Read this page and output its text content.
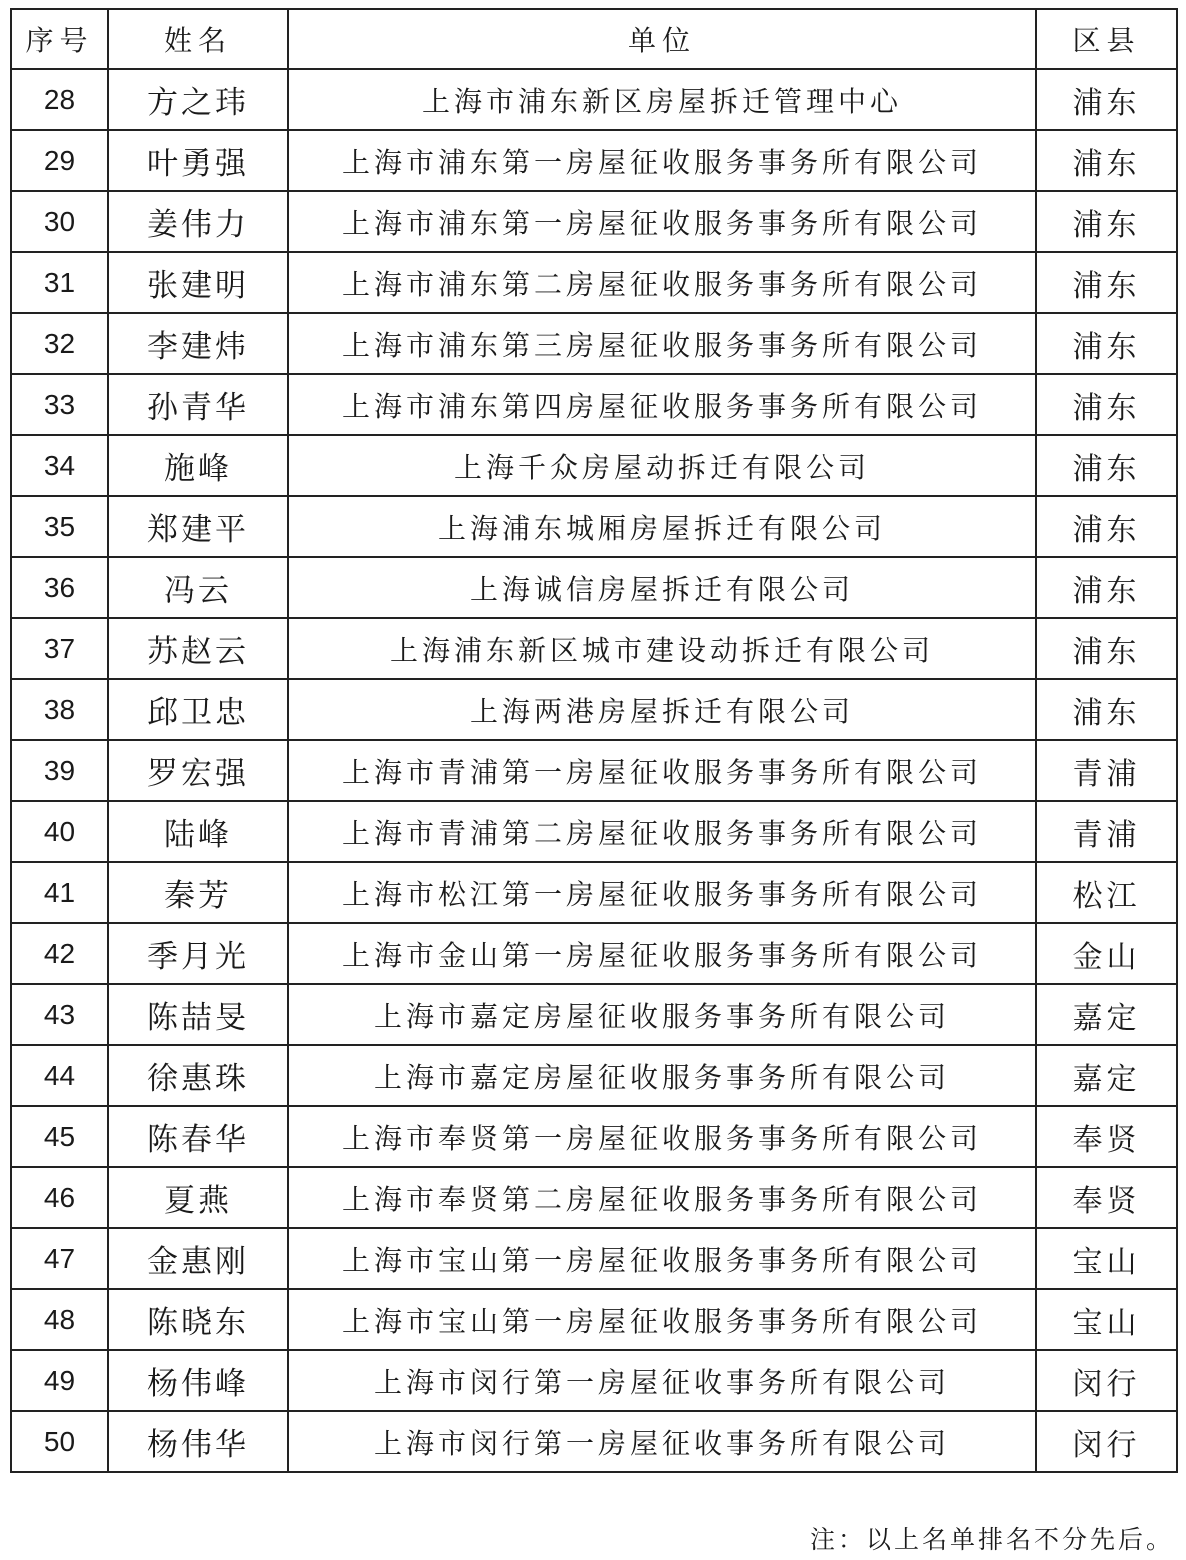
序号	姓名	单位	区县
28	方之玮	上海市浦东新区房屋拆迁管理中心	浦东
29	叶勇强	上海市浦东第一房屋征收服务事务所有限公司	浦东
30	姜伟力	上海市浦东第一房屋征收服务事务所有限公司	浦东
31	张建明	上海市浦东第二房屋征收服务事务所有限公司	浦东
32	李建炜	上海市浦东第三房屋征收服务事务所有限公司	浦东
33	孙青华	上海市浦东第四房屋征收服务事务所有限公司	浦东
34	施峰	上海千众房屋动拆迁有限公司	浦东
35	郑建平	上海浦东城厢房屋拆迁有限公司	浦东
36	冯云	上海诚信房屋拆迁有限公司	浦东
37	苏赵云	上海浦东新区城市建设动拆迁有限公司	浦东
38	邱卫忠	上海两港房屋拆迁有限公司	浦东
39	罗宏强	上海市青浦第一房屋征收服务事务所有限公司	青浦
40	陆峰	上海市青浦第二房屋征收服务事务所有限公司	青浦
41	秦芳	上海市松江第一房屋征收服务事务所有限公司	松江
42	季月光	上海市金山第一房屋征收服务事务所有限公司	金山
43	陈喆旻	上海市嘉定房屋征收服务事务所有限公司	嘉定
44	徐惠珠	上海市嘉定房屋征收服务事务所有限公司	嘉定
45	陈春华	上海市奉贤第一房屋征收服务事务所有限公司	奉贤
46	夏燕	上海市奉贤第二房屋征收服务事务所有限公司	奉贤
47	金惠刚	上海市宝山第一房屋征收服务事务所有限公司	宝山
48	陈晓东	上海市宝山第一房屋征收服务事务所有限公司	宝山
49	杨伟峰	上海市闵行第一房屋征收事务所有限公司	闵行
50	杨伟华	上海市闵行第一房屋征收事务所有限公司	闵行
注：以上名单排名不分先后。
